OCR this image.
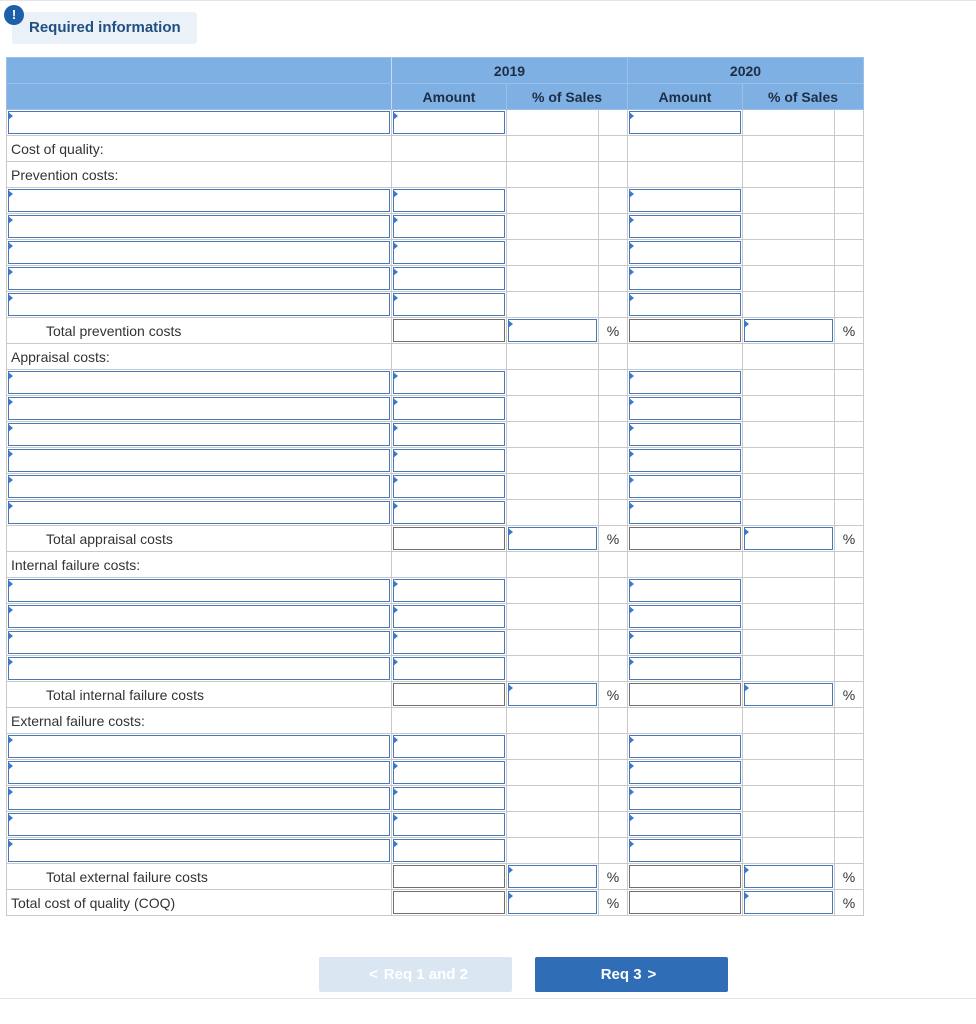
!
Required information
	2019			2020		
	Amount	% of Sales		Amount	% of Sales	

Cost of quality:						
Prevention costs:						

Total prevention costs			%			%
Appraisal costs:						

Total appraisal costs			%			%
Internal failure costs:						

Total internal failure costs			%			%
External failure costs:						

Total external failure costs			%			%
Total cost of quality (COQ)			%			%
< Req 1 and 2	Req 3 >
